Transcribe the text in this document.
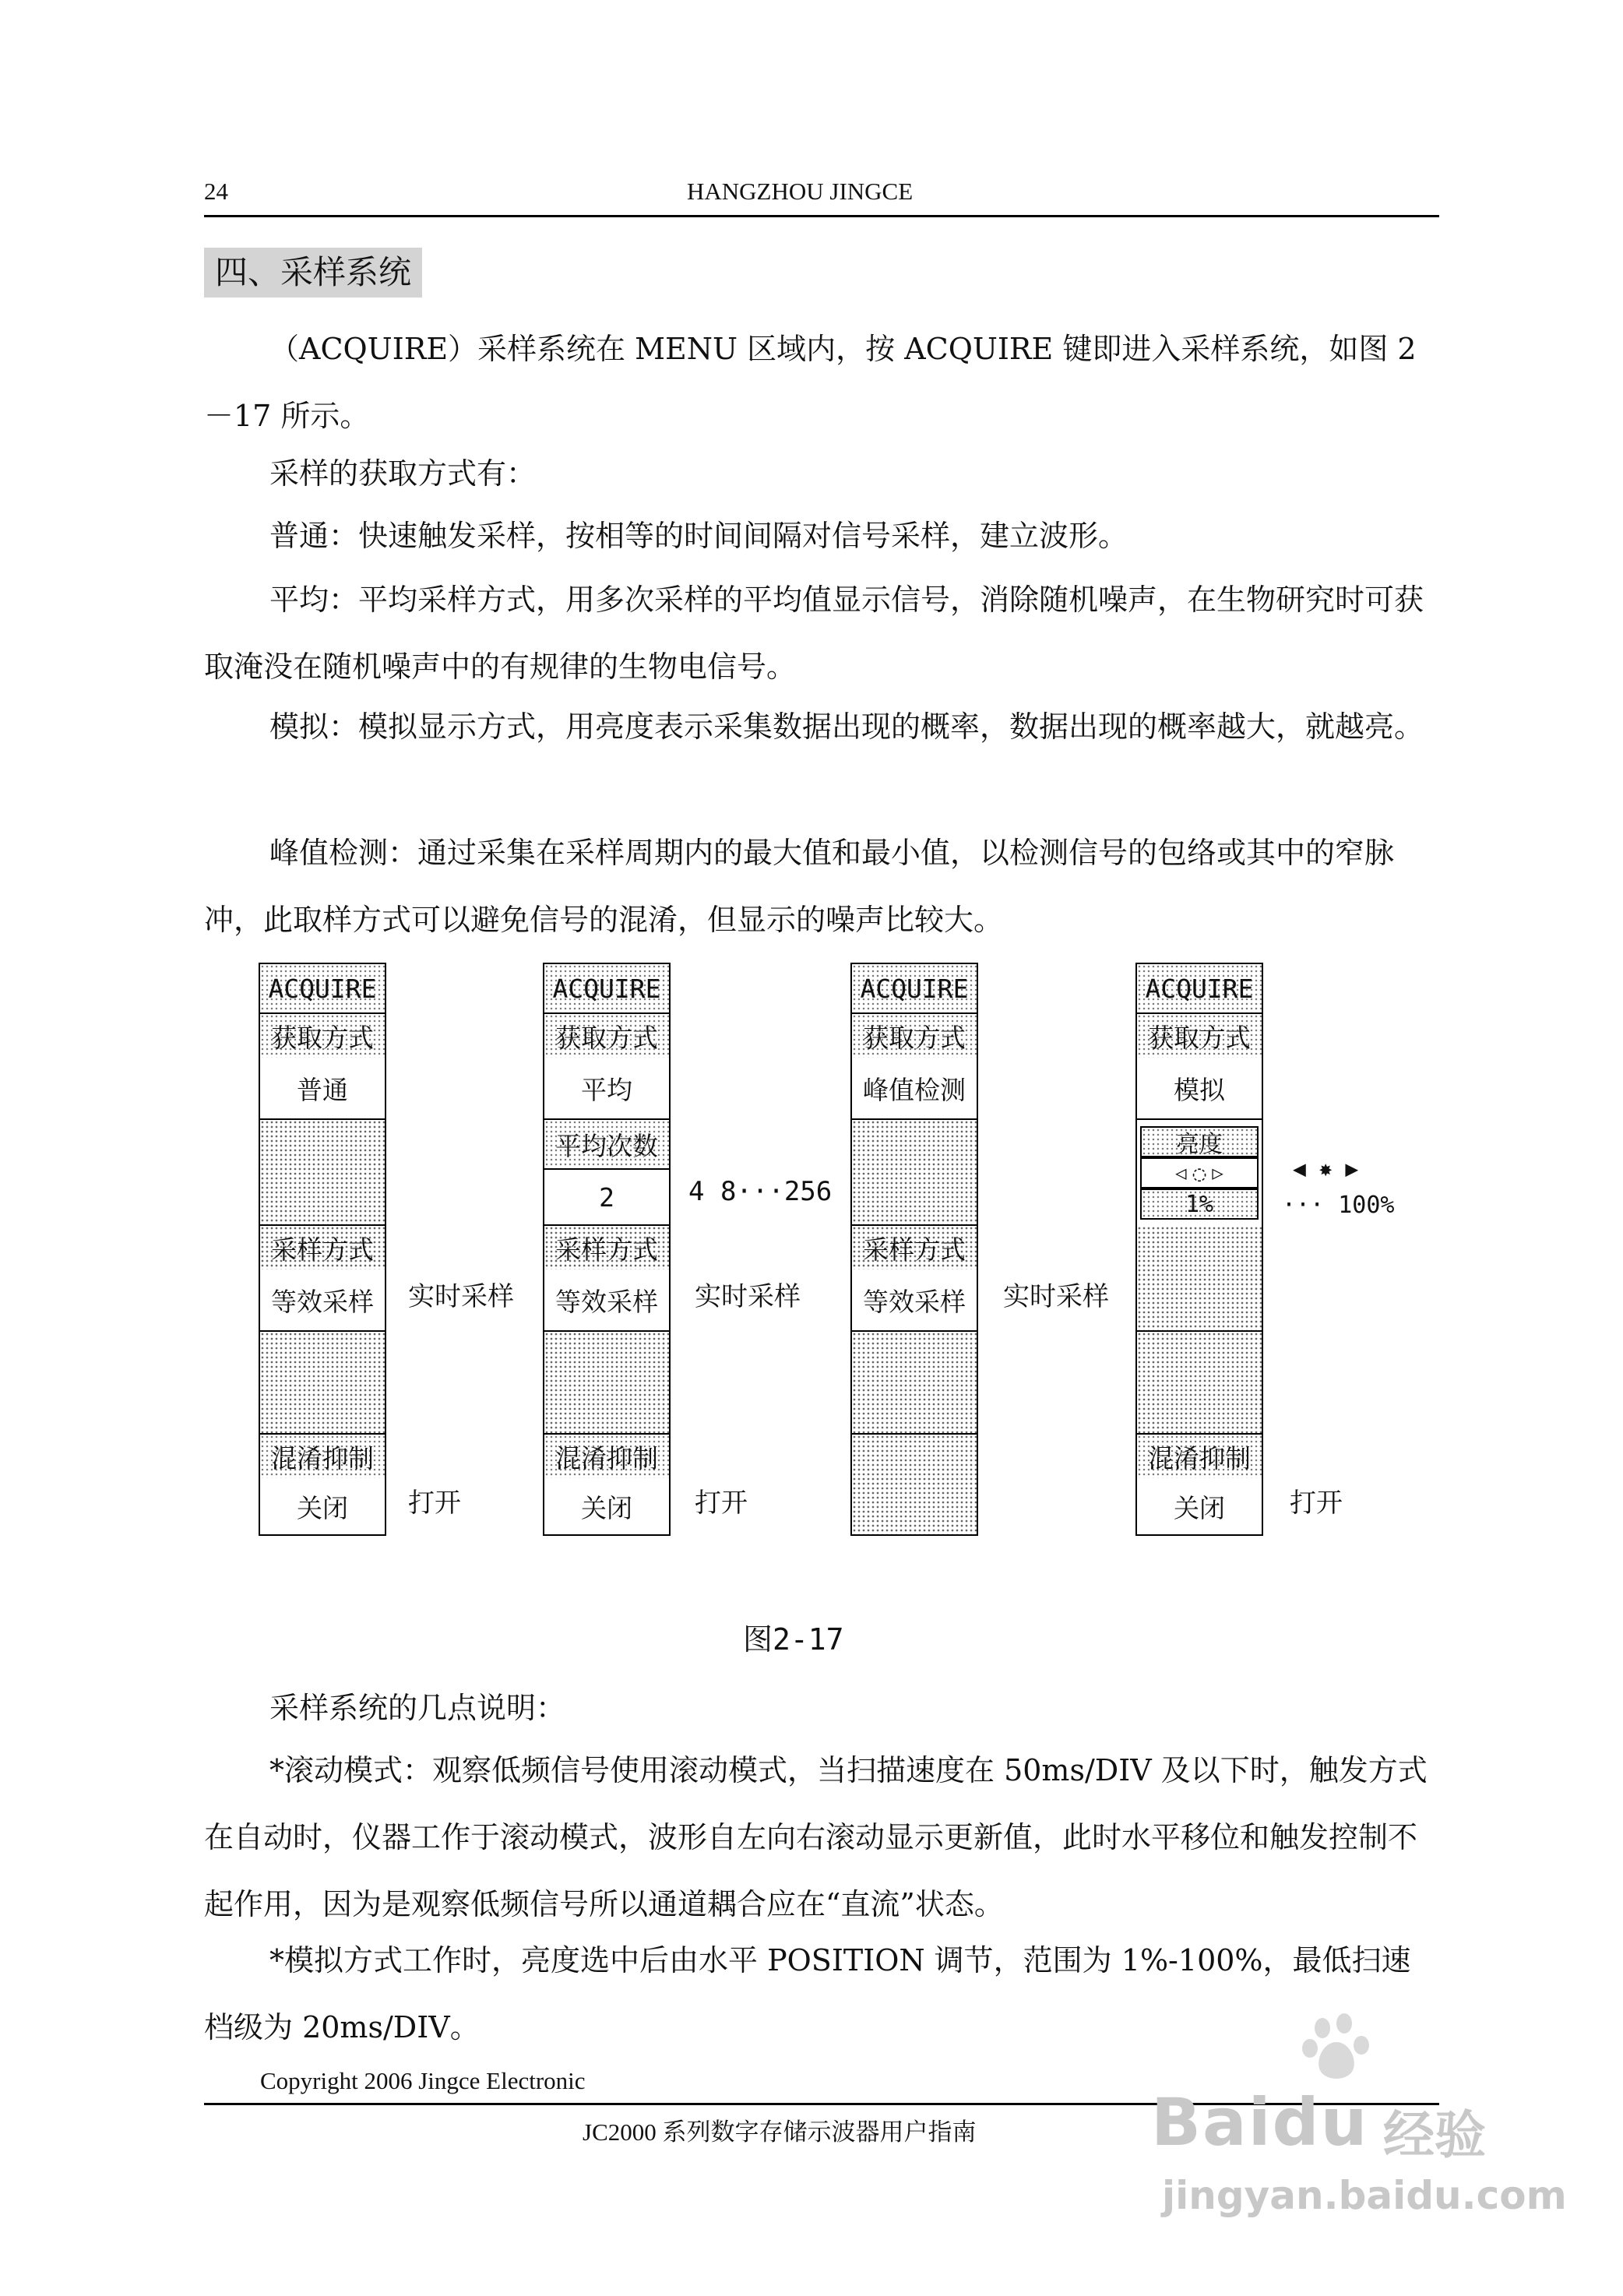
24	HANGZHOU JINGCE
四、采样系统

（ACQUIRE）采样系统在 MENU 区域内，按 ACQUIRE 键即进入采样系统，如图 2－17 所示。

采样的获取方式有：

普通：快速触发采样，按相等的时间间隔对信号采样，建立波形。

平均：平均采样方式，用多次采样的平均值显示信号，消除随机噪声，在生物研究时可获取淹没在随机噪声中的有规律的生物电信号。

模拟：模拟显示方式，用亮度表示采集数据出现的概率，数据出现的概率越大，就越亮。

峰值检测：通过采集在采样周期内的最大值和最小值，以检测信号的包络或其中的窄脉冲，此取样方式可以避免信号的混淆，但显示的噪声比较大。

ACQUIRE
获取方式
普通
采样方式
等效采样
混淆抑制
关闭
实时采样
打开
ACQUIRE
获取方式
平均
平均次数
2
采样方式
等效采样
混淆抑制
关闭
4 8···256
实时采样
打开
ACQUIRE
获取方式
峰值检测
采样方式
等效采样	实时采样
ACQUIRE
获取方式
模拟
亮度
◁ ◌ ▷
1%
混淆抑制
关闭
◀ ✸ ▶
··· 100%
打开
图2-17

采样系统的几点说明：

*滚动模式：观察低频信号使用滚动模式，当扫描速度在 50ms/DIV 及以下时，触发方式在自动时，仪器工作于滚动模式，波形自左向右滚动显示更新值，此时水平移位和触发控制不起作用，因为是观察低频信号所以通道耦合应在“直流”状态。

*模拟方式工作时，亮度选中后由水平 POSITION 调节，范围为 1%-100%，最低扫速档级为 20ms/DIV。

Copyright 2006 Jingce Electronic
JC2000 系列数字存储示波器用户指南	Baidu 经验
jingyan.baidu.com
